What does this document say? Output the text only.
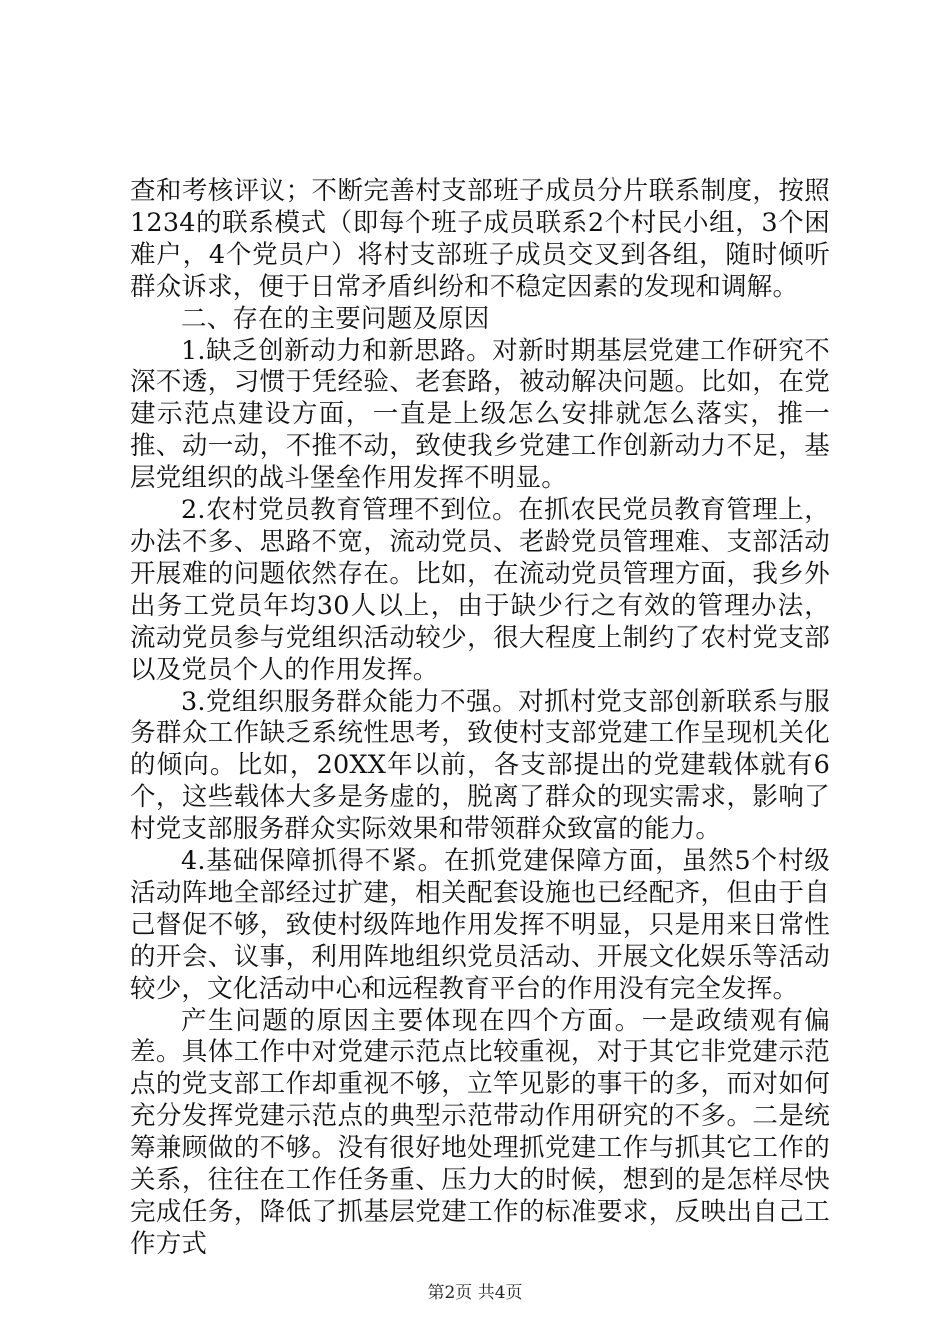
查和考核评议；不断完善村支部班子成员分片联系制度，按照1234的联系模式（即每个班子成员联系2个村民小组，3个困难户，4个党员户）将村支部班子成员交叉到各组，随时倾听群众诉求，便于日常矛盾纠纷和不稳定因素的发现和调解。

二、存在的主要问题及原因

1.缺乏创新动力和新思路。对新时期基层党建工作研究不深不透，习惯于凭经验、老套路，被动解决问题。比如，在党建示范点建设方面，一直是上级怎么安排就怎么落实，推一推、动一动，不推不动，致使我乡党建工作创新动力不足，基层党组织的战斗堡垒作用发挥不明显。

2.农村党员教育管理不到位。在抓农民党员教育管理上，办法不多、思路不宽，流动党员、老龄党员管理难、支部活动开展难的问题依然存在。比如，在流动党员管理方面，我乡外出务工党员年均30人以上，由于缺少行之有效的管理办法，流动党员参与党组织活动较少，很大程度上制约了农村党支部以及党员个人的作用发挥。

3.党组织服务群众能力不强。对抓村党支部创新联系与服务群众工作缺乏系统性思考，致使村支部党建工作呈现机关化的倾向。比如，20XX年以前，各支部提出的党建载体就有6个，这些载体大多是务虚的，脱离了群众的现实需求，影响了村党支部服务群众实际效果和带领群众致富的能力。

4.基础保障抓得不紧。在抓党建保障方面，虽然5个村级活动阵地全部经过扩建，相关配套设施也已经配齐，但由于自己督促不够，致使村级阵地作用发挥不明显，只是用来日常性的开会、议事，利用阵地组织党员活动、开展文化娱乐等活动较少，文化活动中心和远程教育平台的作用没有完全发挥。

产生问题的原因主要体现在四个方面。一是政绩观有偏差。具体工作中对党建示范点比较重视，对于其它非党建示范点的党支部工作却重视不够，立竿见影的事干的多，而对如何充分发挥党建示范点的典型示范带动作用研究的不多。二是统筹兼顾做的不够。没有很好地处理抓党建工作与抓其它工作的关系，往往在工作任务重、压力大的时候，想到的是怎样尽快完成任务，降低了抓基层党建工作的标准要求，反映出自己工作方式

第2页 共4页
